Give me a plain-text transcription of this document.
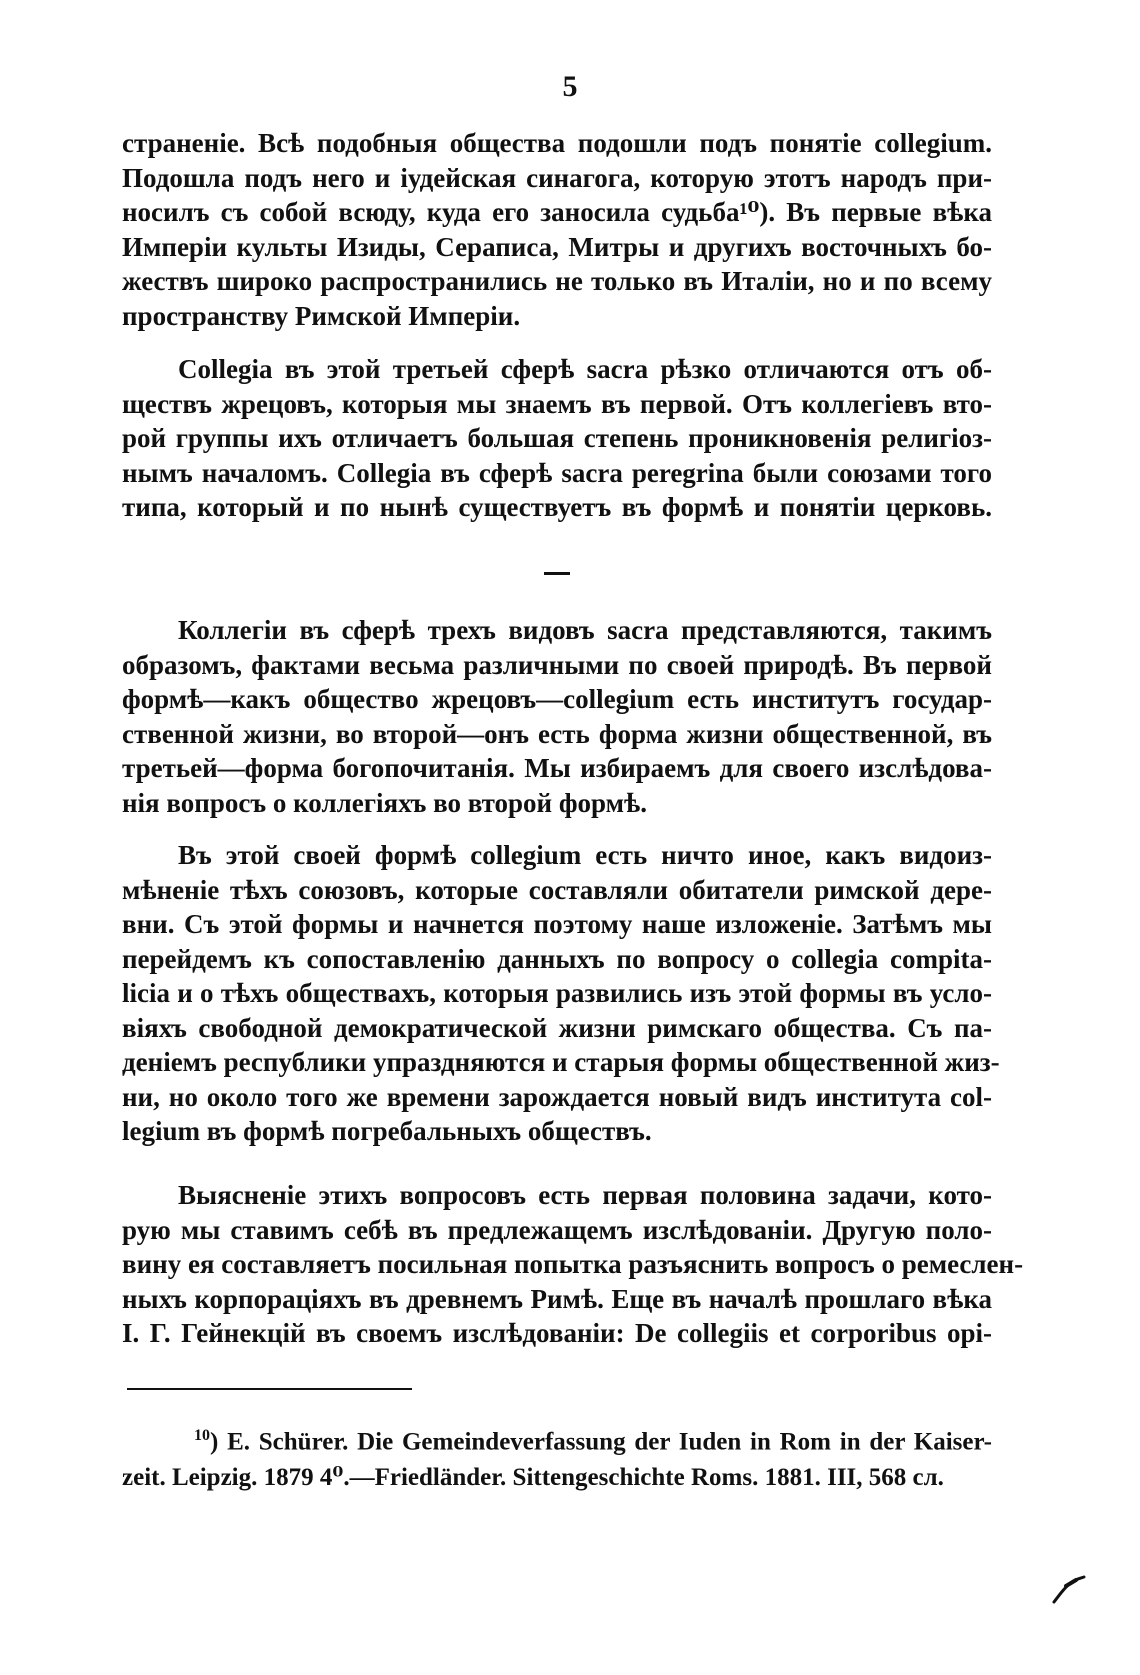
5
страненіе. Всѣ подобныя общества подошли подъ понятіе collegium.
Подошла подъ него и іудейская синагога, которую этотъ народъ при-
носилъ съ собой всюду, куда его заносила судьба¹⁰). Въ первые вѣка
Имперіи культы Изиды, Сераписа, Митры и другихъ восточныхъ бо-
жествъ широко распространились не только въ Италіи, но и по всему
пространству Римской Имперіи.
Collegia въ этой третьей сферѣ sacra рѣзко отличаются отъ об-
ществъ жрецовъ, которыя мы знаемъ въ первой. Отъ коллегіевъ вто-
рой группы ихъ отличаетъ большая степень проникновенія религіоз-
нымъ началомъ. Collegia въ сферѣ sacra peregrina были союзами того
типа, который и по нынѣ существуетъ въ формѣ и понятіи церковь.
Коллегіи въ сферѣ трехъ видовъ sacra представляются, такимъ
образомъ, фактами весьма различными по своей природѣ. Въ первой
формѣ—какъ общество жрецовъ—collegium есть институтъ государ-
ственной жизни, во второй—онъ есть форма жизни общественной, въ
третьей—форма богопочитанія. Мы избираемъ для своего изслѣдова-
нія вопросъ о коллегіяхъ во второй формѣ.
Въ этой своей формѣ collegium есть ничто иное, какъ видоиз-
мѣненіе тѣхъ союзовъ, которые составляли обитатели римской дере-
вни. Съ этой формы и начнется поэтому наше изложеніе. Затѣмъ мы
перейдемъ къ сопоставленію данныхъ по вопросу о collegia compita-
licia и о тѣхъ обществахъ, которыя развились изъ этой формы въ усло-
віяхъ свободной демократической жизни римскаго общества. Съ па-
деніемъ республики упраздняются и старыя формы общественной жиз-
ни, но около того же времени зарождается новый видъ института col-
legium въ формѣ погребальныхъ обществъ.
Выясненіе этихъ вопросовъ есть первая половина задачи, кото-
рую мы ставимъ себѣ въ предлежащемъ изслѣдованіи. Другую поло-
вину ея составляетъ посильная попытка разъяснить вопросъ о ремеслен-
ныхъ корпораціяхъ въ древнемъ Римѣ. Еще въ началѣ прошлаго вѣка
I. Г. Гейнекцій въ своемъ изслѣдованіи: De collegiis et corporibus opi-
$^{10}$) E. Schürer. Die Gemeindeverfassung der Iuden in Rom in der Kaiser-
zeit. Leipzig. 1879 4⁰.—Friedländer. Sittengeschichte Roms. 1881. III, 568 сл.
